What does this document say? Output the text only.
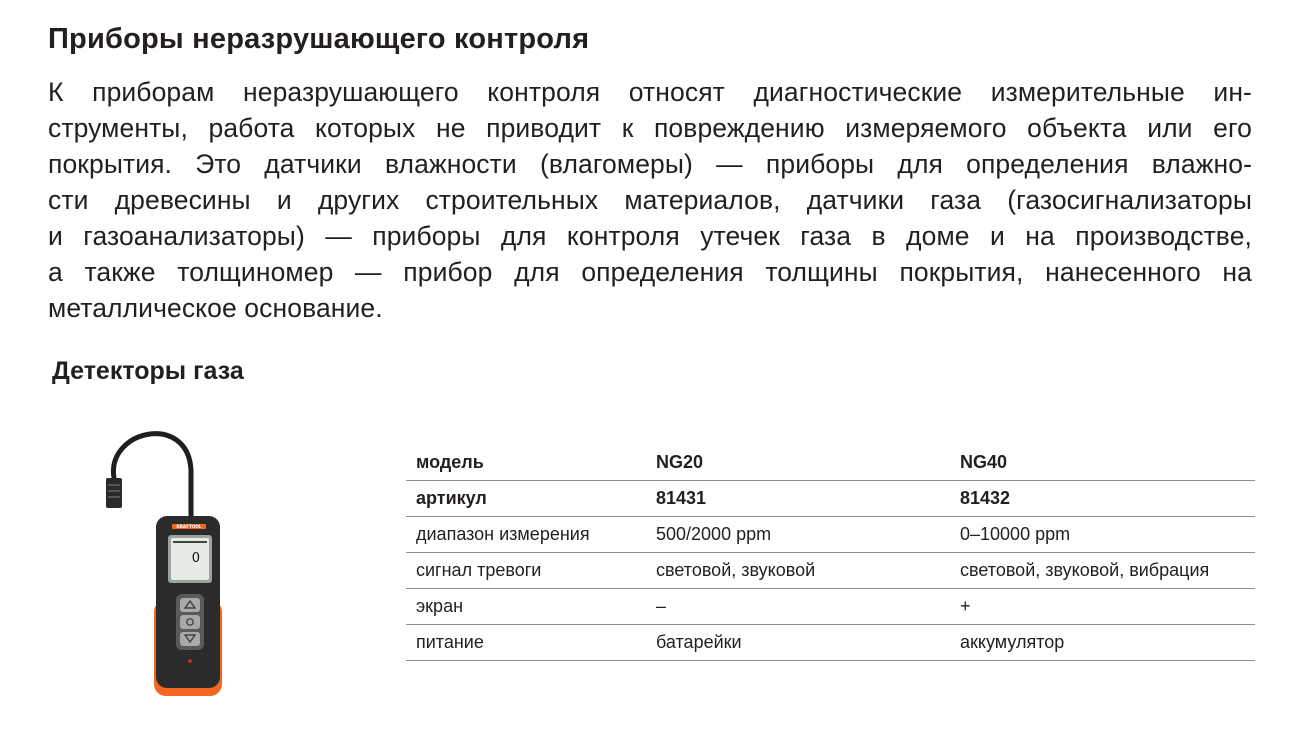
Приборы неразрушающего контроля
К приборам неразрушающего контроля относят диагностические измерительные ин-
струменты, работа которых не приводит к повреждению измеряемого объекта или его
покрытия. Это датчики влажности (влагомеры) — приборы для определения влажно-
сти древесины и других строительных материалов, датчики газа (газосигнализаторы
и газоанализаторы) — приборы для контроля утечек газа в доме и на производстве,
а также толщиномер — прибор для определения толщины покрытия, нанесенного на
металлическое основание.
Детекторы газа
KRAFTOOL
0
модель	NG20	NG40
артикул	81431	81432
диапазон измерения	500/2000 ppm	0–10000 ppm
сигнал тревоги	световой, звуковой	световой, звуковой, вибрация
экран	–	+
питание	батарейки	аккумулятор
